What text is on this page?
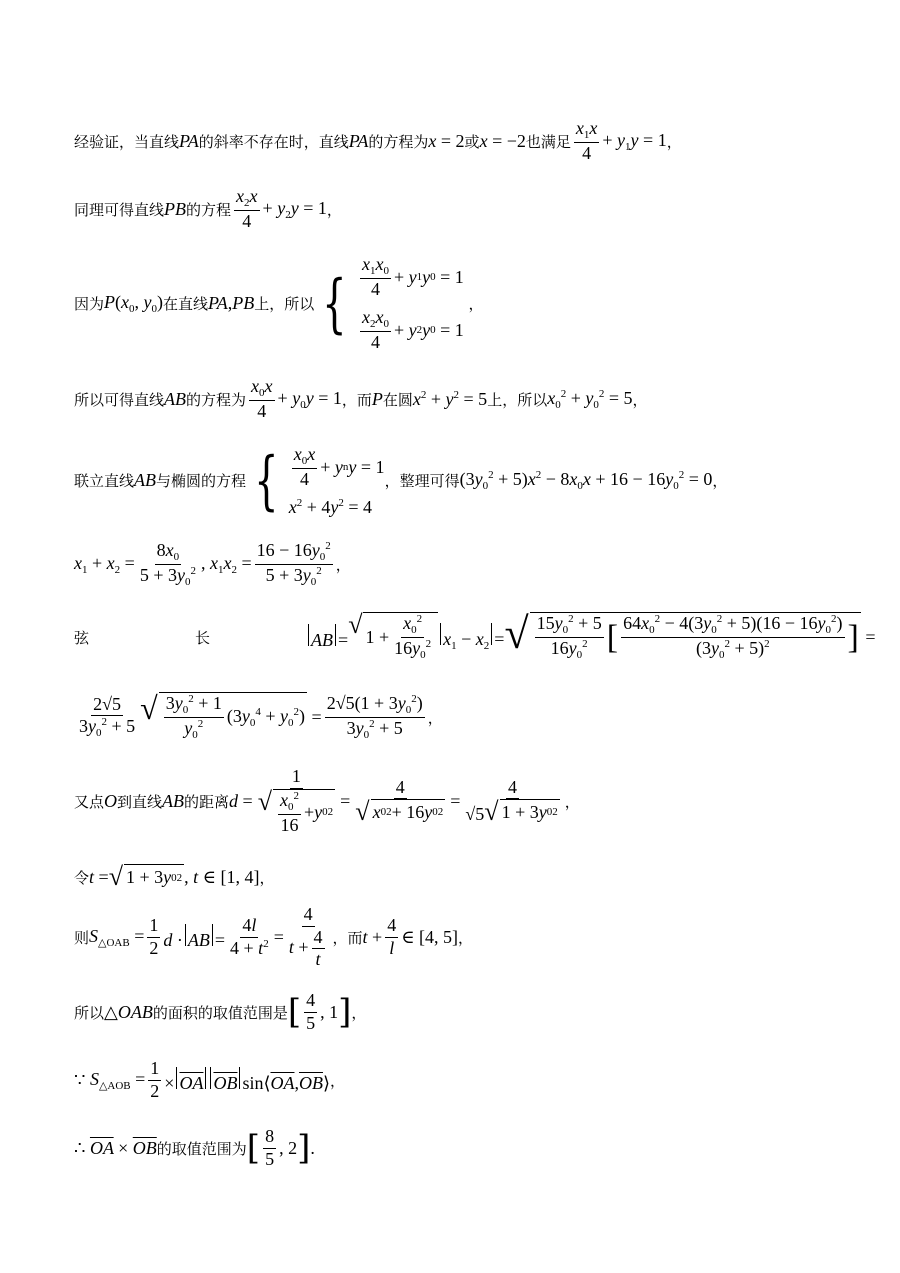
经验证，当直线 PA 的斜率不存在时，直线 PA 的方程为 x = 2 或 x = −2 也满足 $\frac{x_1x}{4} + y_1y = 1$ ，
同理可得直线 PB 的方程 $\frac{x_2x}{4} + y_2y = 1$ ，
因为 $P(x_0$, $y_0$) 在直线 PA,PB 上，所以 { $\frac{x_1x_0}{4} + y$ 1 y 0
= 1
$\frac{x_2x_0}{4} + y$ 2 y 0
= 1
，
所以可得直线 AB 的方程为 $\frac{x_0x}{4} + y_0y = 1$ ，而 P 在圆 $x^2 + y^2 = 5$ 上，所以 $x_0^2 + y_0^2 = 5$ ，
联立直线 AB 与椭圆的方程 { $\frac{x_0x}{4} + y$ n y = 1
$x^2 + 4y^2 = 4$
，整理可得 $(3y_0^2 + 5)x^2 - 8x_0x + 16 - 16y_0^2 = 0$ ，
$x_1 + x_2 = \frac{8x_0}{5 + 3y_0^2}$ , $x_1x_2 = \frac{16 - 16y_0^2}{5 + 3y_0^2}$ ，
弦	长	AB =
√ $1 + \frac{x_0^2}{16y_0^2} x_1 - x_2$ = √ $\frac{15y_0^2 + 5}{16y_0^2}$ [ $\frac{64x_0^2 - 4(3y_0^2 + 5)(16 - 16y_0^2)}{(3y_0^2 + 5)^2}$ ] =
$\frac{2√5}{3y_0^2 + 5}$ √ $\frac{3y_0^2 + 1}{y_0^2} (3y_0^4 + y_0^2) = \frac{2√5(1 + 3y_0^2)}{3y_0^2 + 5}$ ，
又点 O 到直线 AB 的距离 $d = \frac{1}{√ \frac{x_0^2}{16} + y 0 2} = \frac{4}{√ x 0 2 + 16 y 0 2} = \frac{4}{√5 √ 1 + 3 y 0 2}$ ，
令 t = √ 1 + 3 y 0 2 , t ∈ [1, 4] ，
则 $S_{\triangle OAB} = \frac{1}{2}$ d · AB = $\frac{4l}{4 + t^2} = \frac{4}{t + \frac{4}{t}}$ ，而 $t + \frac{4}{l}$ ∈ [4, 5] ，
所以 △OAB 的面积的取值范围是 [ $\frac{4}{5}$ , 1 ] ，
∵ $S_{\triangle AOB} = \frac{1}{2} \times \overline{OA}$ $\overline{OB}$ $\sin⟨\overline{OA},\overline{OB}⟩$ ，
∴ $\overline{OA} \times \overline{OB}$ 的取值范围为 [ $\frac{8}{5}$ , 2 ] .
